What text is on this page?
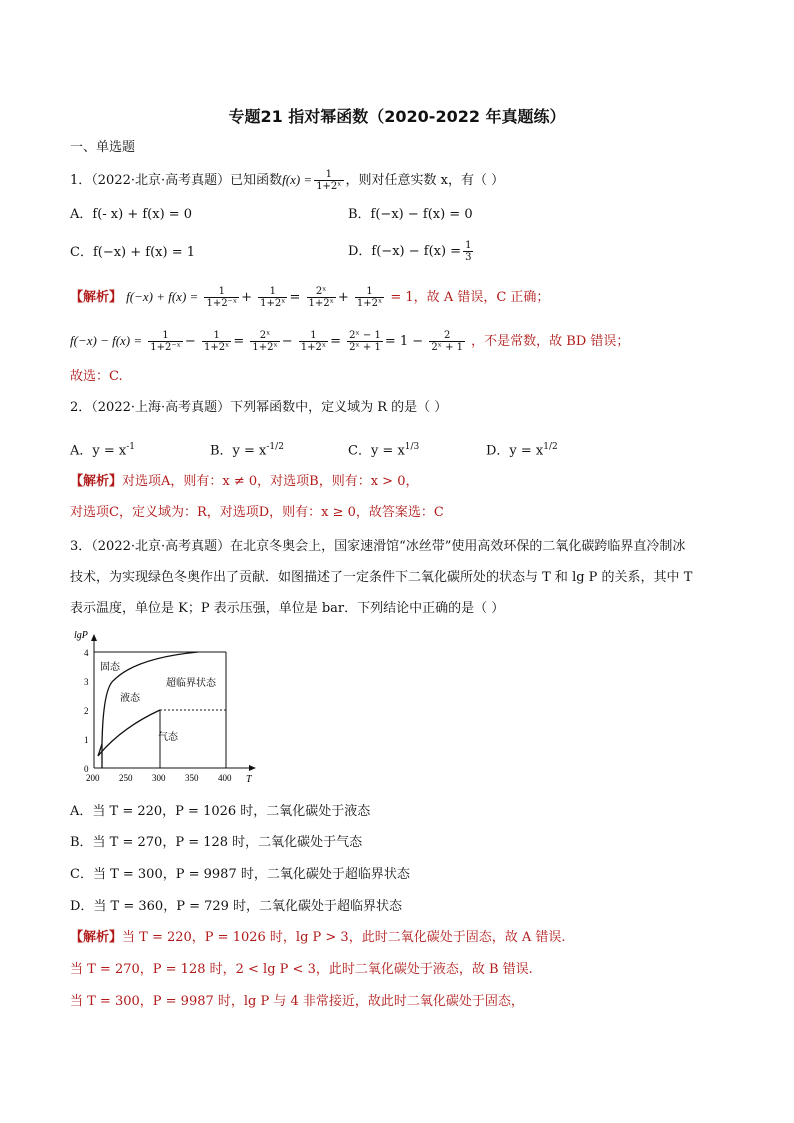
专题21 指对幂函数（2020-2022 年真题练）
一、单选题
1．（2022·北京·高考真题）已知函数$f(x) = \frac{1}{\text{1+2ˣ}}$ ，则对任意实数 x，有（ ）
A．f(- x) + f(x) = 0	B．f(−x) − f(x) = 0
C．f(−x) + f(x) = 1	D．$f(-x) - f(x) = \frac{1}{3}$
【解析】 $f(-x) + f(x) = \frac{1}{\text{1+2⁻ˣ}} + \frac{1}{\text{1+2ˣ}} = \frac{\text{2ˣ}}{\text{1+2ˣ}} + \frac{1}{\text{1+2ˣ}} = 1$，故 A 错误，C 正确；
$f(-x) - f(x) = \frac{1}{\text{1+2⁻ˣ}} - \frac{1}{\text{1+2ˣ}} = \frac{\text{2ˣ}}{\text{1+2ˣ}} - \frac{1}{\text{1+2ˣ}} = \frac{\text{2ˣ − 1}}{\text{2ˣ + 1}} = 1 - \frac{2}{\text{2ˣ + 1}}$ ，不是常数，故 BD 错误；
故选：C.
2．（2022·上海·高考真题）下列幂函数中，定义域为 R 的是（ ）
A．$y = x^{-1}$	B．$y = x^{-1/2}$	C．$y = x^{1/3}$	D．$y = x^{1/2}$
【解析】对选项A，则有：x ≠ 0，对选项B，则有：x > 0，
对选项C，定义域为：R，对选项D，则有：x ≥ 0，故答案选：C
3．（2022·北京·高考真题）在北京冬奥会上，国家速滑馆“冰丝带”使用高效环保的二氧化碳跨临界直冷制冰
技术，为实现绿色冬奥作出了贡献．如图描述了一定条件下二氧化碳所处的状态与 T 和 lg P 的关系，其中 T
表示温度，单位是 K；P 表示压强，单位是 bar．下列结论中正确的是（ ）
lgP
T
0
1
2
3
4
200 250 300 350 400
固态
液态
超临界状态
气态
A．当 T = 220，P = 1026 时，二氧化碳处于液态
B．当 T = 270，P = 128 时，二氧化碳处于气态
C．当 T = 300，P = 9987 时，二氧化碳处于超临界状态
D．当 T = 360，P = 729 时，二氧化碳处于超临界状态
【解析】当 T = 220，P = 1026 时，lg P > 3，此时二氧化碳处于固态，故 A 错误.
当 T = 270，P = 128 时，2 < lg P < 3，此时二氧化碳处于液态，故 B 错误.
当 T = 300，P = 9987 时，lg P 与 4 非常接近，故此时二氧化碳处于固态，
